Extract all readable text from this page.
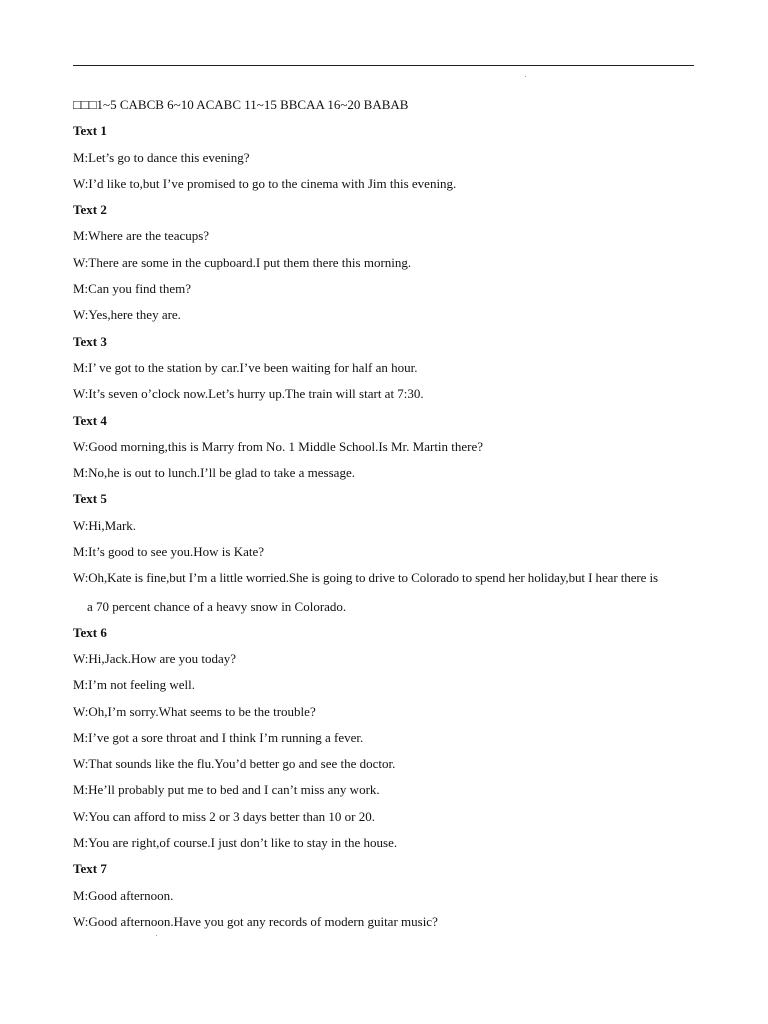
□□□1~5 CABCB 6~10 ACABC 11~15 BBCAA 16~20 BABAB
Text 1
M:Let’s go to dance this evening?
W:I’d like to,but I’ve promised to go to the cinema with Jim this evening.
Text 2
M:Where are the teacups?
W:There are some in the cupboard.I put them there this morning.
M:Can you find them?
W:Yes,here they are.
Text 3
M:I’ ve got to the station by car.I’ve been waiting for half an hour.
W:It’s seven o’clock now.Let’s hurry up.The train will start at 7:30.
Text 4
W:Good morning,this is Marry from No. 1 Middle School.Is Mr. Martin there?
M:No,he is out to lunch.I’ll be glad to take a message.
Text 5
W:Hi,Mark.
M:It’s good to see you.How is Kate?
W:Oh,Kate is fine,but I’m a little worried.She is going to drive to Colorado to spend her holiday,but I hear there is
a 70 percent chance of a heavy snow in Colorado.
Text 6
W:Hi,Jack.How are you today?
M:I’m not feeling well.
W:Oh,I’m sorry.What seems to be the trouble?
M:I’ve got a sore throat and I think I’m running a fever.
W:That sounds like the flu.You’d better go and see the doctor.
M:He’ll probably put me to bed and I can’t miss any work.
W:You can afford to miss 2 or 3 days better than 10 or 20.
M:You are right,of course.I just don’t like to stay in the house.
Text 7
M:Good afternoon.
W:Good afternoon.Have you got any records of modern guitar music?
